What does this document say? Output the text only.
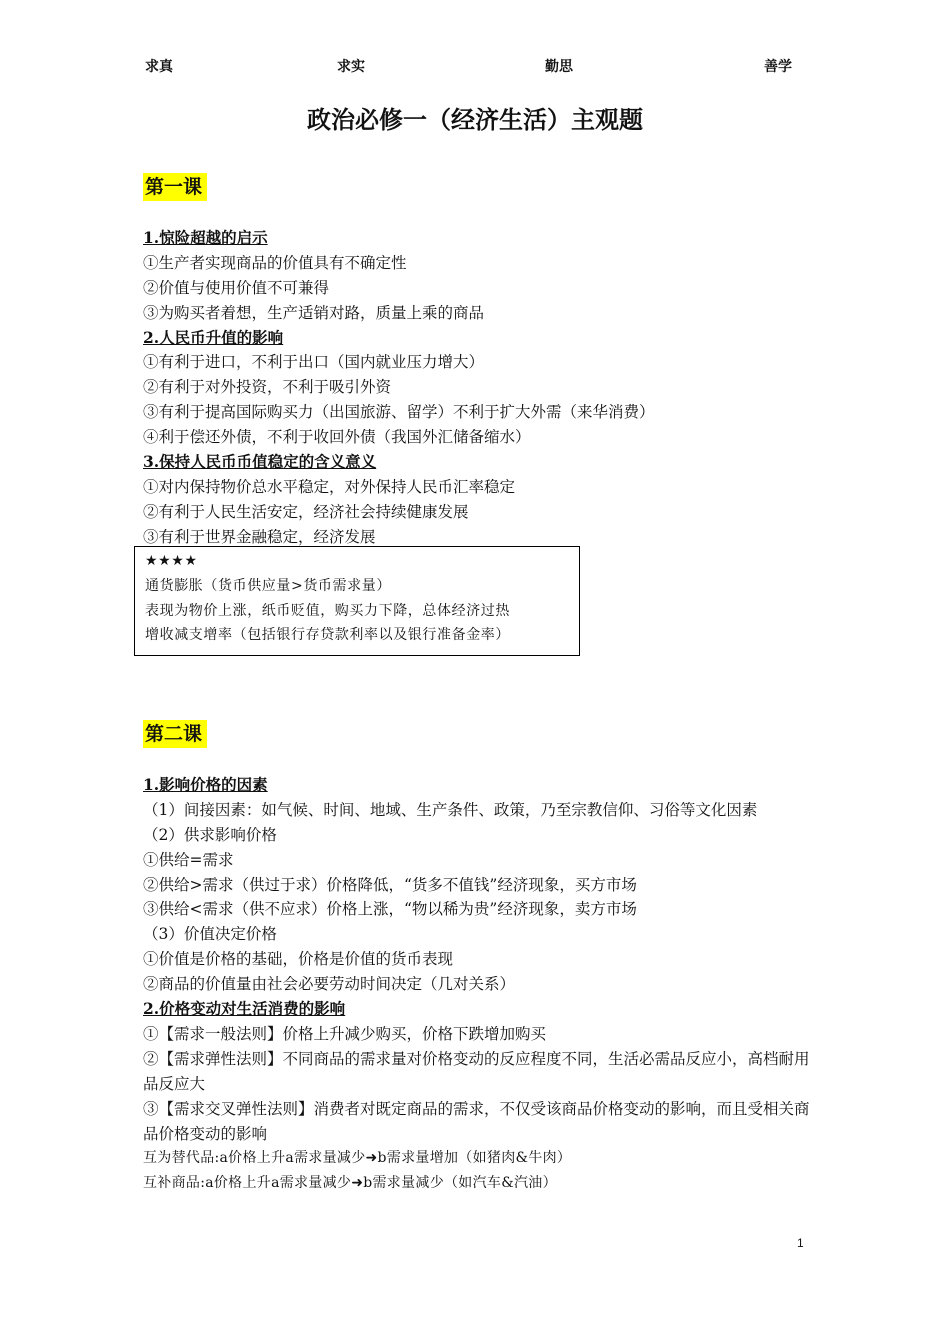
求真	求实	勤思	善学
政治必修一（经济生活）主观题
第一课
1.惊险超越的启示
①生产者实现商品的价值具有不确定性
②价值与使用价值不可兼得
③为购买者着想，生产适销对路，质量上乘的商品
2.人民币升值的影响
①有利于进口，不利于出口（国内就业压力增大）
②有利于对外投资，不利于吸引外资
③有利于提高国际购买力（出国旅游、留学）不利于扩大外需（来华消费）
④利于偿还外债，不利于收回外债（我国外汇储备缩水）
3.保持人民币币值稳定的含义意义
①对内保持物价总水平稳定，对外保持人民币汇率稳定
②有利于人民生活安定，经济社会持续健康发展
③有利于世界金融稳定，经济发展
★★★★
通货膨胀（货币供应量>货币需求量）
表现为物价上涨，纸币贬值，购买力下降，总体经济过热
增收减支增率（包括银行存贷款利率以及银行准备金率）
第二课
1.影响价格的因素
（1）间接因素：如气候、时间、地域、生产条件、政策，乃至宗教信仰、习俗等文化因素
（2）供求影响价格
①供给=需求
②供给>需求（供过于求）价格降低，“货多不值钱”经济现象，买方市场
③供给<需求（供不应求）价格上涨，“物以稀为贵”经济现象，卖方市场
（3）价值决定价格
①价值是价格的基础，价格是价值的货币表现
②商品的价值量由社会必要劳动时间决定（几对关系）
2.价格变动对生活消费的影响
①【需求一般法则】价格上升减少购买，价格下跌增加购买
②【需求弹性法则】不同商品的需求量对价格变动的反应程度不同，生活必需品反应小，高档耐用品反应大
③【需求交叉弹性法则】消费者对既定商品的需求，不仅受该商品价格变动的影响，而且受相关商品价格变动的影响
互为替代品:a价格上升a需求量减少➜b需求量增加（如猪肉&牛肉）
互补商品:a价格上升a需求量减少➜b需求量减少（如汽车&汽油）
1
